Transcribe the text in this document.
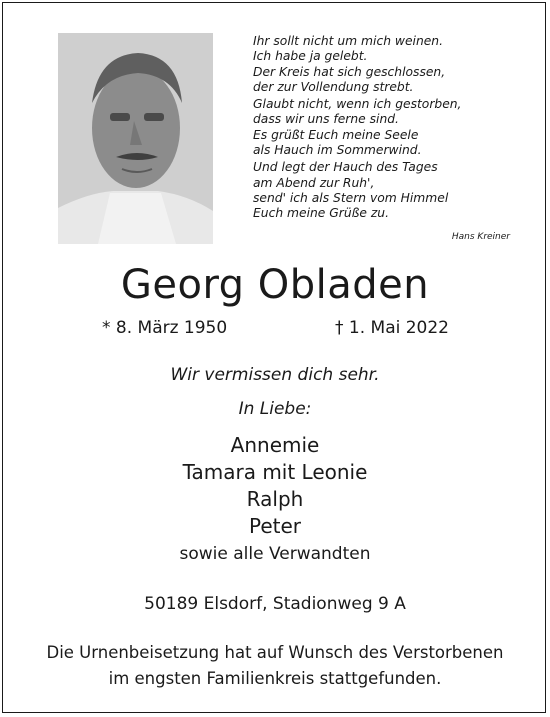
Ihr sollt nicht um mich weinen.
Ich habe ja gelebt.
Der Kreis hat sich geschlossen,
der zur Vollendung strebt.
Glaubt nicht, wenn ich gestorben,
dass wir uns ferne sind.
Es grüßt Euch meine Seele
als Hauch im Sommerwind.
Und legt der Hauch des Tages
am Abend zur Ruh',
send' ich als Stern vom Himmel
Euch meine Grüße zu.
Hans Kreiner
Georg Obladen
* 8. März 1950	† 1. Mai 2022
Wir vermissen dich sehr.
In Liebe:
Annemie
Tamara mit Leonie
Ralph
Peter
sowie alle Verwandten
50189 Elsdorf, Stadionweg 9 A
Die Urnenbeisetzung hat auf Wunsch des Verstorbenen
im engsten Familienkreis stattgefunden.
